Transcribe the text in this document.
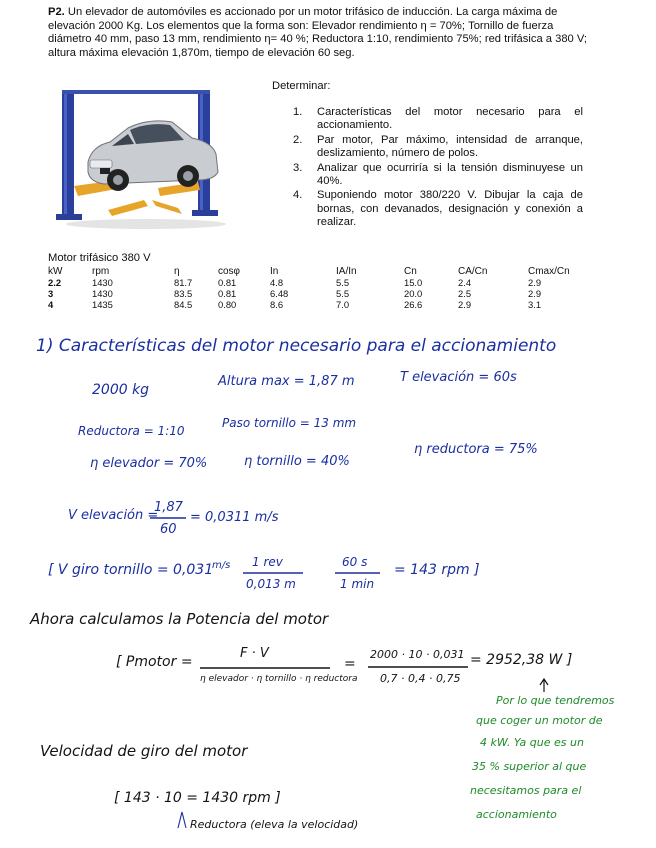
P2. Un elevador de automóviles es accionado por un motor trifásico de inducción. La carga máxima de elevación 2000 Kg. Los elementos que la forma son: Elevador rendimiento η = 70%; Tornillo de fuerza diámetro 40 mm, paso 13 mm, rendimiento η= 40 %; Reductora 1:10, rendimiento 75%; red trifásica a 380 V; altura máxima elevación 1,870m, tiempo de elevación 60 seg.
Determinar:
1. Características del motor necesario para el accionamiento.
2. Par motor, Par máximo, intensidad de arranque, deslizamiento, número de polos.
3. Analizar que ocurriría si la tensión disminuyese un 40%.
4. Suponiendo motor 380/220 V. Dibujar la caja de bornas, con devanados, designación y conexión a realizar.
Motor trifásico 380 V
kW	rpm	η	cosφ	In	IA/In	Cn	CA/Cn	Cmax/Cn
2.2	1430	81.7	0.81	4.8	5.5	15.0	2.4	2.9
3	1430	83.5	0.81	6.48	5.5	20.0	2.5	2.9
4	1435	84.5	0.80	8.6	7.0	26.6	2.9	3.1
1) Características del motor necesario para el accionamiento
2000 kg
Altura max = 1,87 m	T elevación = 60s
Reductora = 1:10
Paso tornillo = 13 mm
η elevador = 70%	η tornillo = 40%
η reductora = 75%
V elevación =
1,87
60
= 0,0311 m/s
[ V giro tornillo = 0,031
m/s 1 rev
0,013 m
60 s
1 min
= 143 rpm ]
Ahora calculamos la Potencia del motor
[ Pmotor =
F · V
η elevador · η tornillo · η reductora
=
2000 · 10 · 0,031
0,7 · 0,4 · 0,75
= 2952,38 W ]
Velocidad de giro del motor
[ 143 · 10 = 1430 rpm ]
Reductora (eleva la velocidad)
Por lo que tendremos
que coger un motor de
4 kW. Ya que es un
35 % superior al que
necesitamos para el
accionamiento
